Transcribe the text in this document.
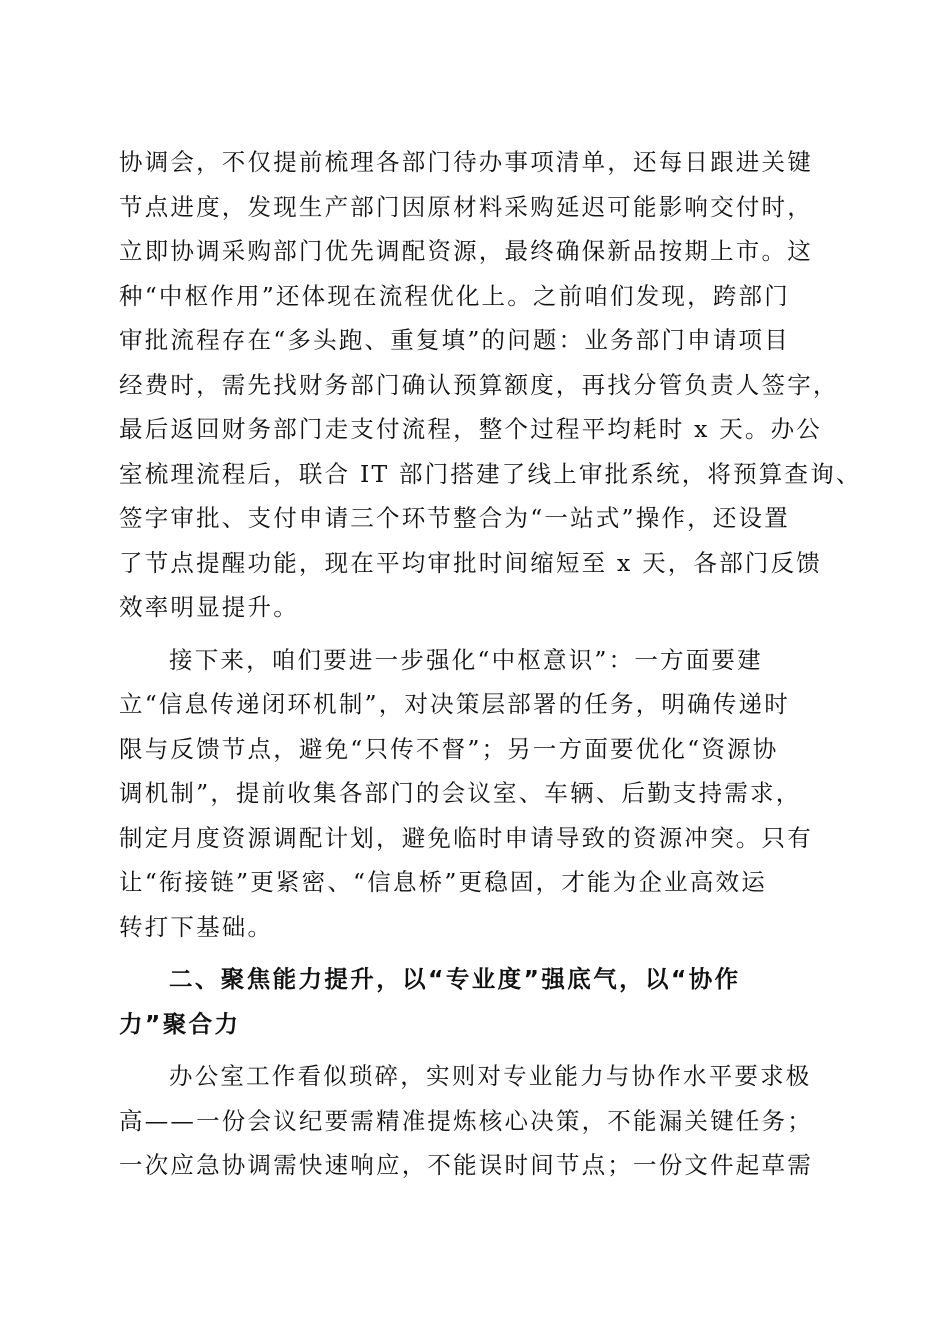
协调会，不仅提前梳理各部门待办事项清单，还每日跟进关键
节点进度，发现生产部门因原材料采购延迟可能影响交付时，
立即协调采购部门优先调配资源，最终确保新品按期上市。这
种“中枢作用”还体现在流程优化上。之前咱们发现，跨部门
审批流程存在“多头跑、重复填”的问题：业务部门申请项目
经费时，需先找财务部门确认预算额度，再找分管负责人签字，
最后返回财务部门走支付流程，整个过程平均耗时 x 天。办公
室梳理流程后，联合 IT 部门搭建了线上审批系统，将预算查询、
签字审批、支付申请三个环节整合为“一站式”操作，还设置
了节点提醒功能，现在平均审批时间缩短至 x 天，各部门反馈
效率明显提升。
接下来，咱们要进一步强化“中枢意识”：一方面要建
立“信息传递闭环机制”，对决策层部署的任务，明确传递时
限与反馈节点，避免“只传不督”；另一方面要优化“资源协
调机制”，提前收集各部门的会议室、车辆、后勤支持需求，
制定月度资源调配计划，避免临时申请导致的资源冲突。只有
让“衔接链”更紧密、“信息桥”更稳固，才能为企业高效运
转打下基础。
二、聚焦能力提升，以“专业度”强底气，以“协作
力”聚合力
办公室工作看似琐碎，实则对专业能力与协作水平要求极
高——一份会议纪要需精准提炼核心决策，不能漏关键任务；
一次应急协调需快速响应，不能误时间节点；一份文件起草需
